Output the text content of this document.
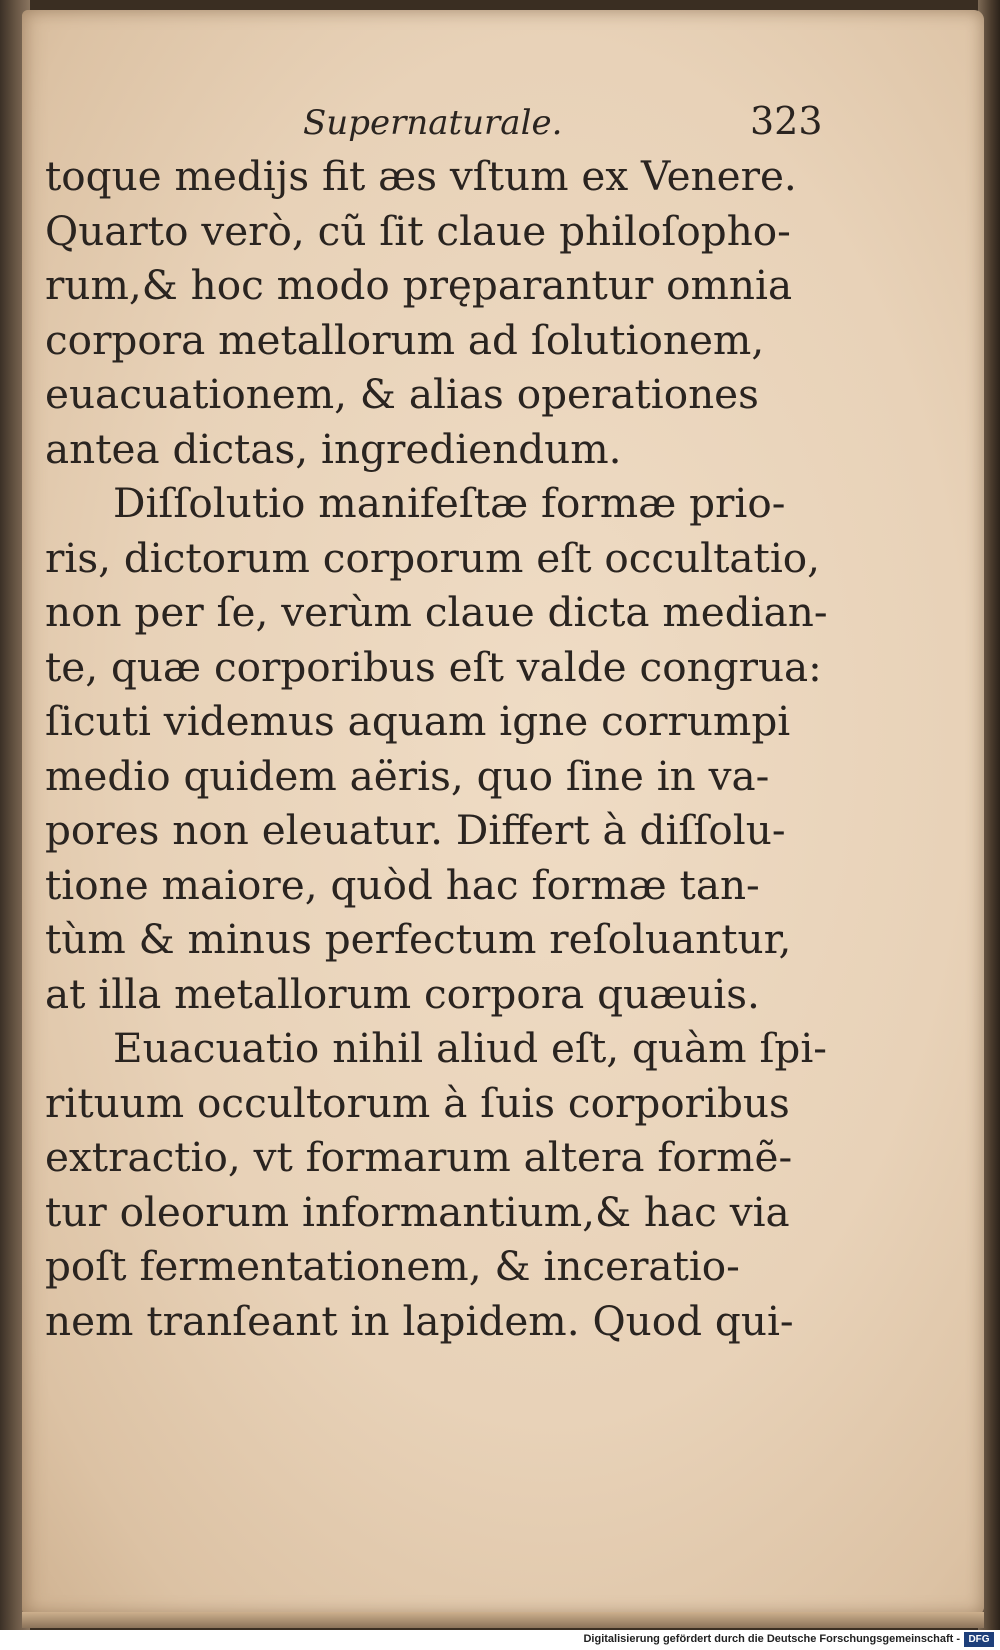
Supernaturale.	323
toque medijs fit æs vſtum ex Venere.
Quarto verò, cũ ſit claue philoſopho-
rum,& hoc modo pręparantur omnia
corpora metallorum ad ſolutionem,
euacuationem, & alias operationes
antea dictas, ingrediendum.
Diſſolutio manifeſtæ formæ prio-
ris, dictorum corporum eſt occultatio,
non per ſe, verùm claue dicta median-
te, quæ corporibus eſt valde congrua:
ſicuti videmus aquam igne corrumpi
medio quidem aëris, quo ſine in va-
pores non eleuatur. Differt à diſſolu-
tione maiore, quòd hac formæ tan-
tùm & minus perfectum reſoluantur,
at illa metallorum corpora quæuis.
Euacuatio nihil aliud eſt, quàm ſpi-
rituum occultorum à ſuis corporibus
extractio, vt formarum altera formẽ-
tur oleorum informantium,& hac via
poſt fermentationem, & inceratio-
nem tranſeant in lapidem. Quod qui-
Digitalisierung gefördert durch die Deutsche Forschungsgemeinschaft - DFG
